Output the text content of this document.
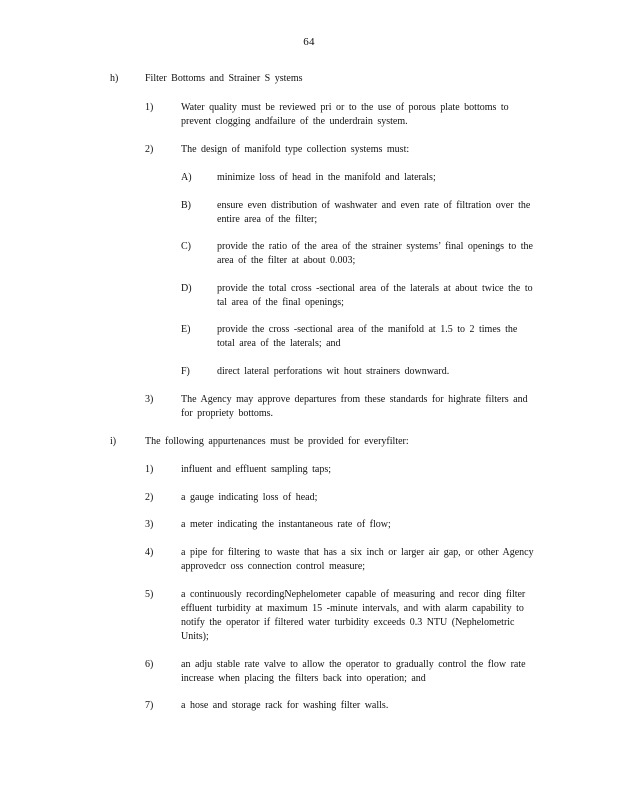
64
h)	Filter Bottoms and Strainer S ystems
1)	Water quality must be reviewed pri or to the use of porous plate bottoms to prevent clogging andfailure of the underdrain system.
2)	The design of manifold type collection systems must:
A)	minimize loss of head in the manifold and laterals;
B)	ensure even distribution of washwater and even rate of filtration over the entire area of the filter;
C)	provide the ratio of the area of the strainer systems’ final openings to the area of the filter at about 0.003;
D)	provide the total cross -sectional area of the laterals at about twice the to tal area of the final openings;
E)	provide the cross -sectional area of the manifold at 1.5 to 2 times the total area of the laterals; and
F)	direct lateral perforations wit hout strainers downward.
3)	The Agency may approve departures from these standards for highrate filters and for propriety bottoms.
i)	The following appurtenances must be provided for everyfilter:
1)	influent and effluent sampling taps;
2)	a gauge indicating loss of head;
3)	a meter indicating the instantaneous rate of flow;
4)	a pipe for filtering to waste that has a six inch or larger air gap, or other Agency approvedcr oss connection control measure;
5)	a continuously recordingNephelometer capable of measuring and recor ding filter effluent turbidity at maximum 15 -minute intervals, and with alarm capability to notify the operator if filtered water turbidity exceeds 0.3 NTU (Nephelometric Units);
6)	an adju stable rate valve to allow the operator to gradually control the flow rate increase when placing the filters back into operation; and
7)	a hose and storage rack for washing filter walls.
